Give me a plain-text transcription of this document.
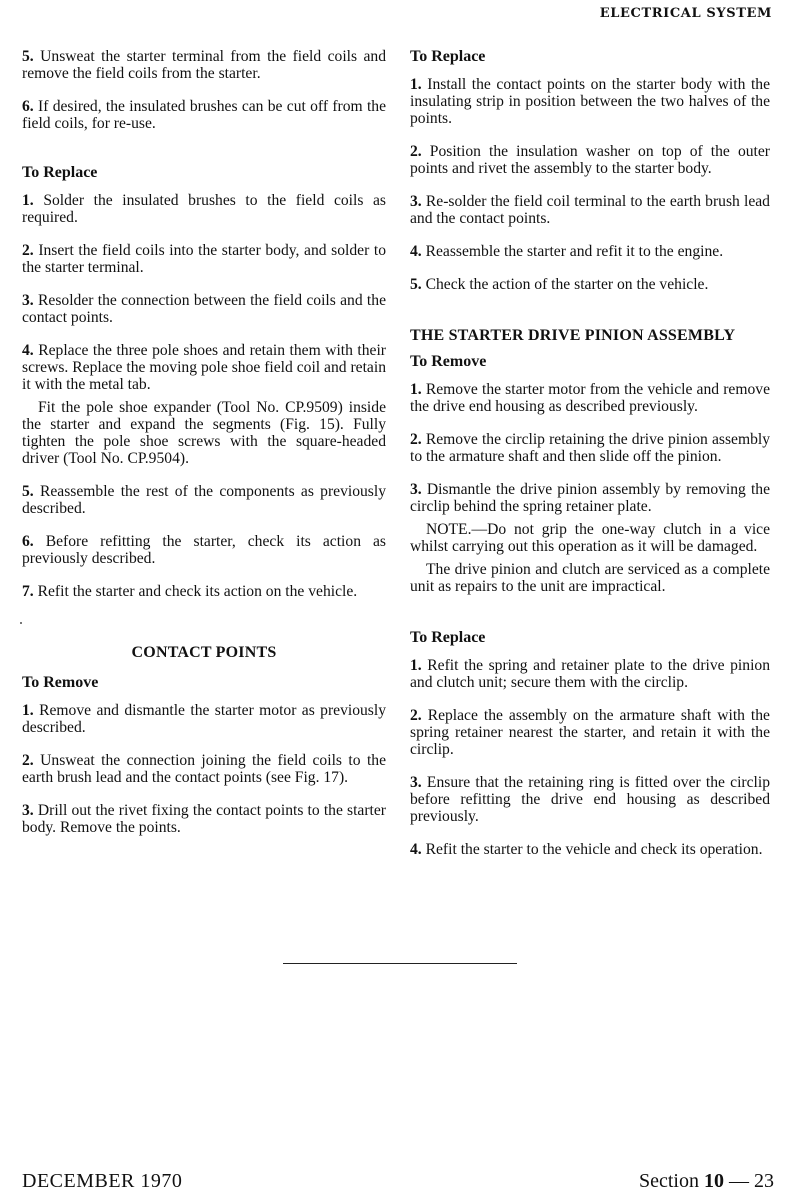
ELECTRICAL SYSTEM

5. Unsweat the starter terminal from the field coils and remove the field coils from the starter.

6. If desired, the insulated brushes can be cut off from the field coils, for re-use.

To Replace

1. Solder the insulated brushes to the field coils as required.

2. Insert the field coils into the starter body, and solder to the starter terminal.

3. Resolder the connection between the field coils and the contact points.

4. Replace the three pole shoes and retain them with their screws. Replace the moving pole shoe field coil and retain it with the metal tab.

Fit the pole shoe expander (Tool No. CP.9509) inside the starter and expand the segments (Fig. 15). Fully tighten the pole shoe screws with the square-headed driver (Tool No. CP.9504).

5. Reassemble the rest of the components as previously described.

6. Before refitting the starter, check its action as previously described.

7. Refit the starter and check its action on the vehicle.

CONTACT POINTS
To Remove

1. Remove and dismantle the starter motor as previously described.

2. Unsweat the connection joining the field coils to the earth brush lead and the contact points (see Fig. 17).

3. Drill out the rivet fixing the contact points to the starter body. Remove the points.

To Replace

1. Install the contact points on the starter body with the insulating strip in position between the two halves of the points.

2. Position the insulation washer on top of the outer points and rivet the assembly to the starter body.

3. Re-solder the field coil terminal to the earth brush lead and the contact points.

4. Reassemble the starter and refit it to the engine.

5. Check the action of the starter on the vehicle.

THE STARTER DRIVE PINION ASSEMBLY
To Remove

1. Remove the starter motor from the vehicle and remove the drive end housing as described previously.

2. Remove the circlip retaining the drive pinion assembly to the armature shaft and then slide off the pinion.

3. Dismantle the drive pinion assembly by removing the circlip behind the spring retainer plate.

NOTE.—Do not grip the one-way clutch in a vice whilst carrying out this operation as it will be damaged.

The drive pinion and clutch are serviced as a complete unit as repairs to the unit are impractical.

To Replace

1. Refit the spring and retainer plate to the drive pinion and clutch unit; secure them with the circlip.

2. Replace the assembly on the armature shaft with the spring retainer nearest the starter, and retain it with the circlip.

3. Ensure that the retaining ring is fitted over the circlip before refitting the drive end housing as described previously.

4. Refit the starter to the vehicle and check its operation.

DECEMBER 1970	Section 10 — 23
